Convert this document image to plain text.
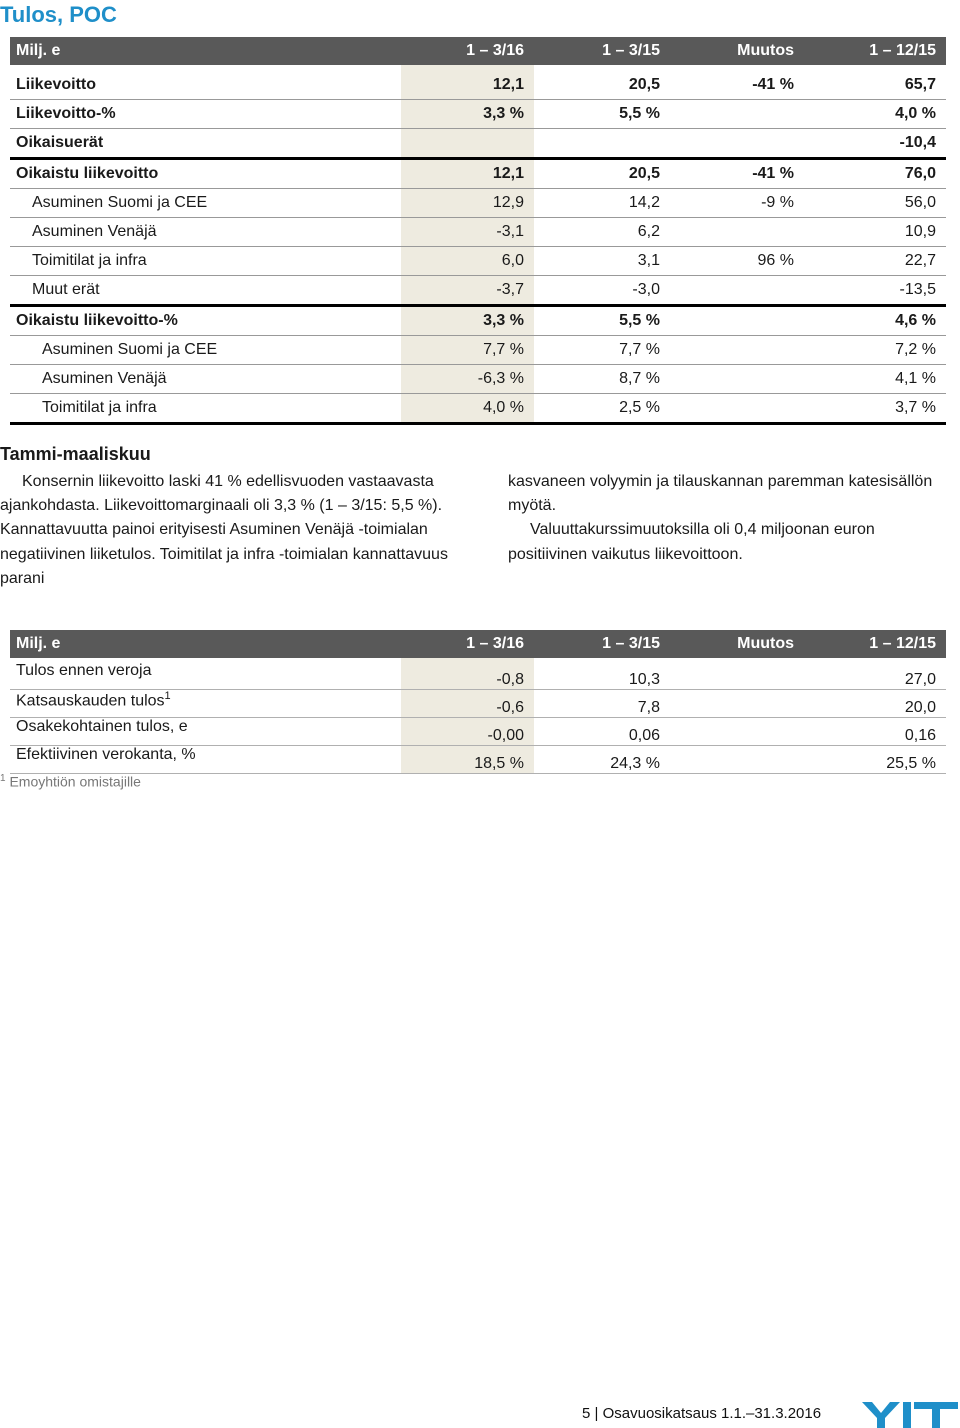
Tulos, POC
Milj. e	1 – 3/16	1 – 3/15	Muutos	1 – 12/15

Liikevoitto	12,1	20,5	-41 %	65,7
Liikevoitto-%	3,3 %	5,5 %		4,0 %
Oikaisuerät				-10,4
Oikaistu liikevoitto	12,1	20,5	-41 %	76,0
Asuminen Suomi ja CEE	12,9	14,2	-9 %	56,0
Asuminen Venäjä	-3,1	6,2		10,9
Toimitilat ja infra	6,0	3,1	96 %	22,7
Muut erät	-3,7	-3,0		-13,5
Oikaistu liikevoitto-%	3,3 %	5,5 %		4,6 %
Asuminen Suomi ja CEE	7,7 %	7,7 %		7,2 %
Asuminen Venäjä	-6,3 %	8,7 %		4,1 %
Toimitilat ja infra	4,0 %	2,5 %		3,7 %
Tammi-maaliskuu

Konsernin liikevoitto laski 41 % edellisvuoden vastaavasta ajankohdasta. Liikevoittomarginaali oli 3,3 % (1 – 3/15: 5,5 %). Kannattavuutta painoi erityisesti Asuminen Venäjä -toimialan negatiivinen liiketulos. Toimitilat ja infra -toimialan kannattavuus parani

kasvaneen volyymin ja tilauskannan paremman katesisällön myötä.

Valuuttakurssimuutoksilla oli 0,4 miljoonan euron positiivinen vaikutus liikevoittoon.

Milj. e	1 – 3/16	1 – 3/15	Muutos	1 – 12/15

Tulos ennen veroja	-0,8	10,3		27,0
Katsauskauden tulos$^1$	-0,6	7,8		20,0
Osakekohtainen tulos, e	-0,00	0,06		0,16
Efektiivinen verokanta, %	18,5 %	24,3 %		25,5 %
$^1$ Emoyhtiön omistajille
5 | Osavuosikatsaus 1.1.–31.3.2016
